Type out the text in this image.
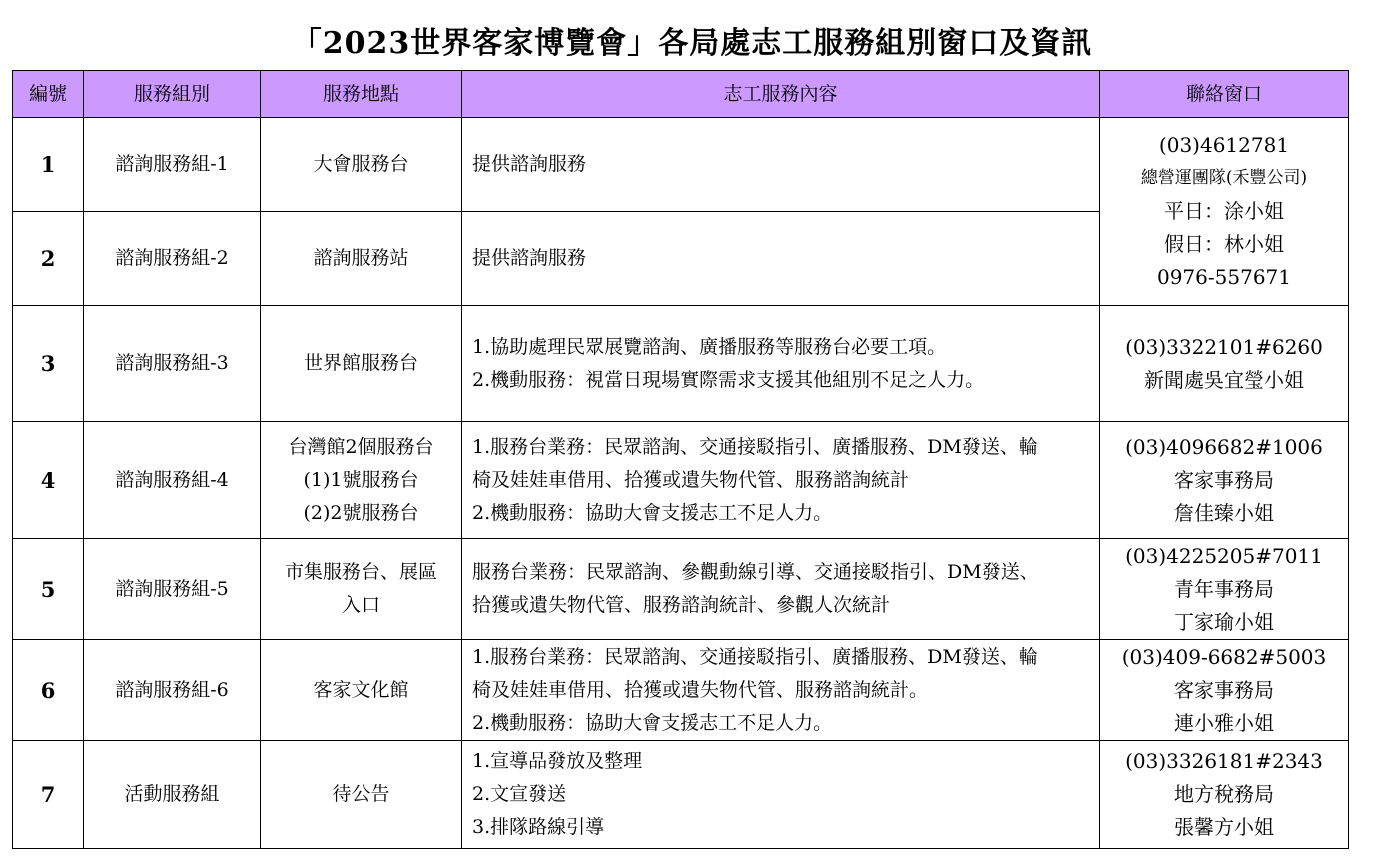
「2023世界客家博覽會」各局處志工服務組別窗口及資訊
編號	服務組別	服務地點	志工服務內容	聯絡窗口
1	諮詢服務組-1	大會服務台	提供諮詢服務	(03)4612781
總營運團隊(禾豐公司)
平日：涂小姐
假日：林小姐
0976-557671

2	諮詢服務組-2	諮詢服務站	提供諮詢服務	

3	諮詢服務組-3	世界館服務台	1.協助處理民眾展覽諮詢、廣播服務等服務台必要工項。
2.機動服務：視當日現場實際需求支援其他組別不足之人力。	(03)3322101#6260
新聞處吳宜瑩小姐

4	諮詢服務組-4	台灣館2個服務台
(1)1號服務台
(2)2號服務台	1.服務台業務：民眾諮詢、交通接駁指引、廣播服務、DM發送、輪
椅及娃娃車借用、拾獲或遺失物代管、服務諮詢統計
2.機動服務：協助大會支援志工不足人力。	(03)4096682#1006
客家事務局
詹佳臻小姐

5	諮詢服務組-5	市集服務台、展區
入口	服務台業務：民眾諮詢、參觀動線引導、交通接駁指引、DM發送、
拾獲或遺失物代管、服務諮詢統計、參觀人次統計	(03)4225205#7011
青年事務局
丁家瑜小姐

6	諮詢服務組-6	客家文化館	1.服務台業務：民眾諮詢、交通接駁指引、廣播服務、DM發送、輪
椅及娃娃車借用、拾獲或遺失物代管、服務諮詢統計。
2.機動服務：協助大會支援志工不足人力。	(03)409-6682#5003
客家事務局
連小雅小姐

7	活動服務組	待公告	1.宣導品發放及整理
2.文宣發送
3.排隊路線引導	(03)3326181#2343
地方稅務局
張馨方小姐
